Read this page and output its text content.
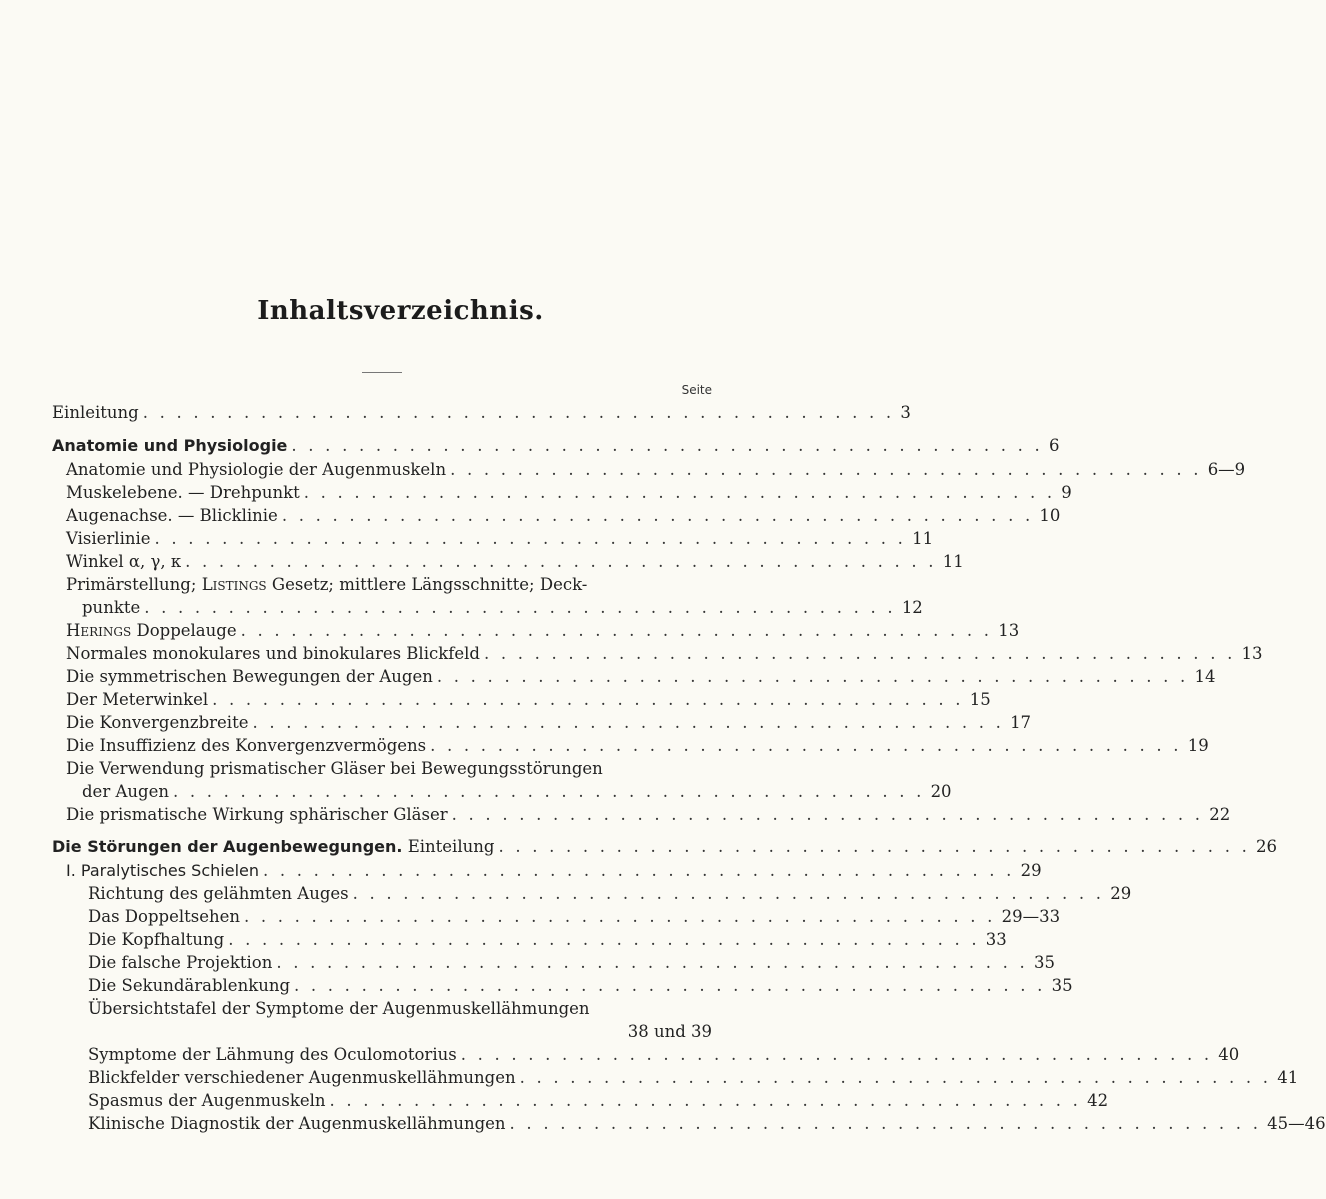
Inhaltsverzeichnis.
Seite
Einleitung . . . . . . . . . . . . . . . . . . . . . . . . . . . . . . . . . . . . . . . . . . . . . 3
Anatomie und Physiologie . . . . . . . . . . . . . . . . . . . . . . . . . . . . . . . . . . . . . . . . . . . . . 6
Anatomie und Physiologie der Augenmuskeln . . . . . . . . . . . . . . . . . . . . . . . . . . . . . . . . . . . . . . . . . . . . . 6—9
Muskelebene. — Drehpunkt . . . . . . . . . . . . . . . . . . . . . . . . . . . . . . . . . . . . . . . . . . . . . 9
Augenachse. — Blicklinie . . . . . . . . . . . . . . . . . . . . . . . . . . . . . . . . . . . . . . . . . . . . . 10
Visierlinie . . . . . . . . . . . . . . . . . . . . . . . . . . . . . . . . . . . . . . . . . . . . . 11
Winkel α, γ, κ . . . . . . . . . . . . . . . . . . . . . . . . . . . . . . . . . . . . . . . . . . . . . 11
Primärstellung; Listings Gesetz; mittlere Längsschnitte; Deck-
punkte . . . . . . . . . . . . . . . . . . . . . . . . . . . . . . . . . . . . . . . . . . . . . 12
Herings Doppelauge . . . . . . . . . . . . . . . . . . . . . . . . . . . . . . . . . . . . . . . . . . . . . 13
Normales monokulares und binokulares Blickfeld . . . . . . . . . . . . . . . . . . . . . . . . . . . . . . . . . . . . . . . . . . . . . 13
Die symmetrischen Bewegungen der Augen . . . . . . . . . . . . . . . . . . . . . . . . . . . . . . . . . . . . . . . . . . . . . 14
Der Meterwinkel . . . . . . . . . . . . . . . . . . . . . . . . . . . . . . . . . . . . . . . . . . . . . 15
Die Konvergenzbreite . . . . . . . . . . . . . . . . . . . . . . . . . . . . . . . . . . . . . . . . . . . . . 17
Die Insuffizienz des Konvergenzvermögens . . . . . . . . . . . . . . . . . . . . . . . . . . . . . . . . . . . . . . . . . . . . . 19
Die Verwendung prismatischer Gläser bei Bewegungsstörungen
der Augen . . . . . . . . . . . . . . . . . . . . . . . . . . . . . . . . . . . . . . . . . . . . . 20
Die prismatische Wirkung sphärischer Gläser . . . . . . . . . . . . . . . . . . . . . . . . . . . . . . . . . . . . . . . . . . . . . 22
Die Störungen der Augenbewegungen. Einteilung . . . . . . . . . . . . . . . . . . . . . . . . . . . . . . . . . . . . . . . . . . . . . 26
I. Paralytisches Schielen . . . . . . . . . . . . . . . . . . . . . . . . . . . . . . . . . . . . . . . . . . . . . 29
Richtung des gelähmten Auges . . . . . . . . . . . . . . . . . . . . . . . . . . . . . . . . . . . . . . . . . . . . . 29
Das Doppeltsehen . . . . . . . . . . . . . . . . . . . . . . . . . . . . . . . . . . . . . . . . . . . . . 29—33
Die Kopfhaltung . . . . . . . . . . . . . . . . . . . . . . . . . . . . . . . . . . . . . . . . . . . . . 33
Die falsche Projektion . . . . . . . . . . . . . . . . . . . . . . . . . . . . . . . . . . . . . . . . . . . . . 35
Die Sekundärablenkung . . . . . . . . . . . . . . . . . . . . . . . . . . . . . . . . . . . . . . . . . . . . . 35
Übersichtstafel der Symptome der Augenmuskellähmungen
38 und 39
Symptome der Lähmung des Oculomotorius . . . . . . . . . . . . . . . . . . . . . . . . . . . . . . . . . . . . . . . . . . . . . 40
Blickfelder verschiedener Augenmuskellähmungen . . . . . . . . . . . . . . . . . . . . . . . . . . . . . . . . . . . . . . . . . . . . . 41
Spasmus der Augenmuskeln . . . . . . . . . . . . . . . . . . . . . . . . . . . . . . . . . . . . . . . . . . . . . 42
Klinische Diagnostik der Augenmuskellähmungen . . . . . . . . . . . . . . . . . . . . . . . . . . . . . . . . . . . . . . . . . . . . . 45—46
